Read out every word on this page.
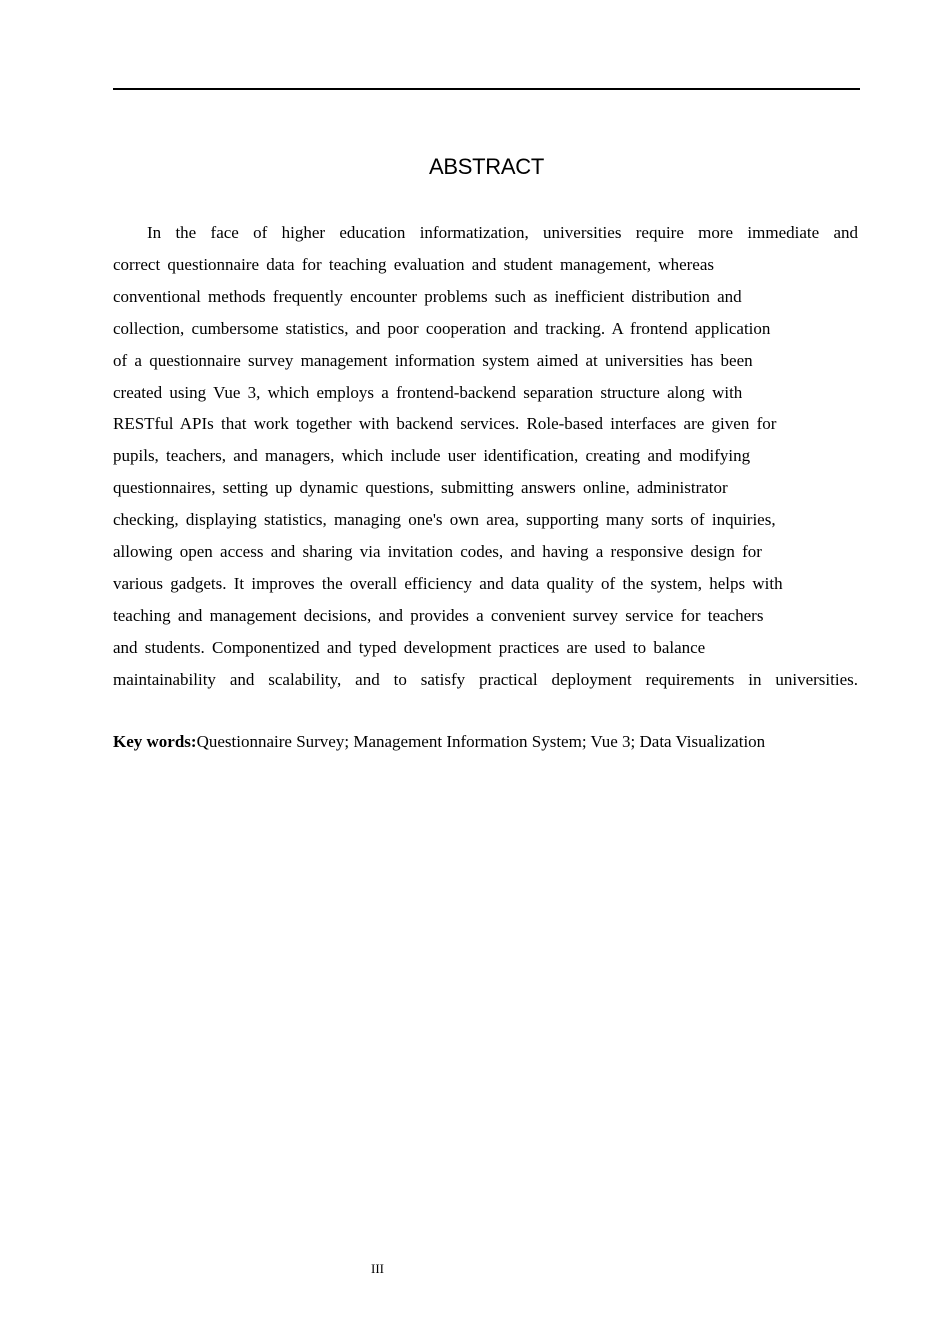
ABSTRACT

In the face of higher education informatization, universities require more immediate and
correct questionnaire data for teaching evaluation and student management, whereas
conventional methods frequently encounter problems such as inefficient distribution and
collection, cumbersome statistics, and poor cooperation and tracking. A frontend application
of a questionnaire survey management information system aimed at universities has been
created using Vue 3, which employs a frontend-backend separation structure along with
RESTful APIs that work together with backend services. Role-based interfaces are given for
pupils, teachers, and managers, which include user identification, creating and modifying
questionnaires, setting up dynamic questions, submitting answers online, administrator
checking, displaying statistics, managing one's own area, supporting many sorts of inquiries,
allowing open access and sharing via invitation codes, and having a responsive design for
various gadgets. It improves the overall efficiency and data quality of the system, helps with
teaching and management decisions, and provides a convenient survey service for teachers
and students. Componentized and typed development practices are used to balance
maintainability and scalability, and to satisfy practical deployment requirements in universities.

Key words:Questionnaire Survey; Management Information System; Vue 3; Data Visualization

III
